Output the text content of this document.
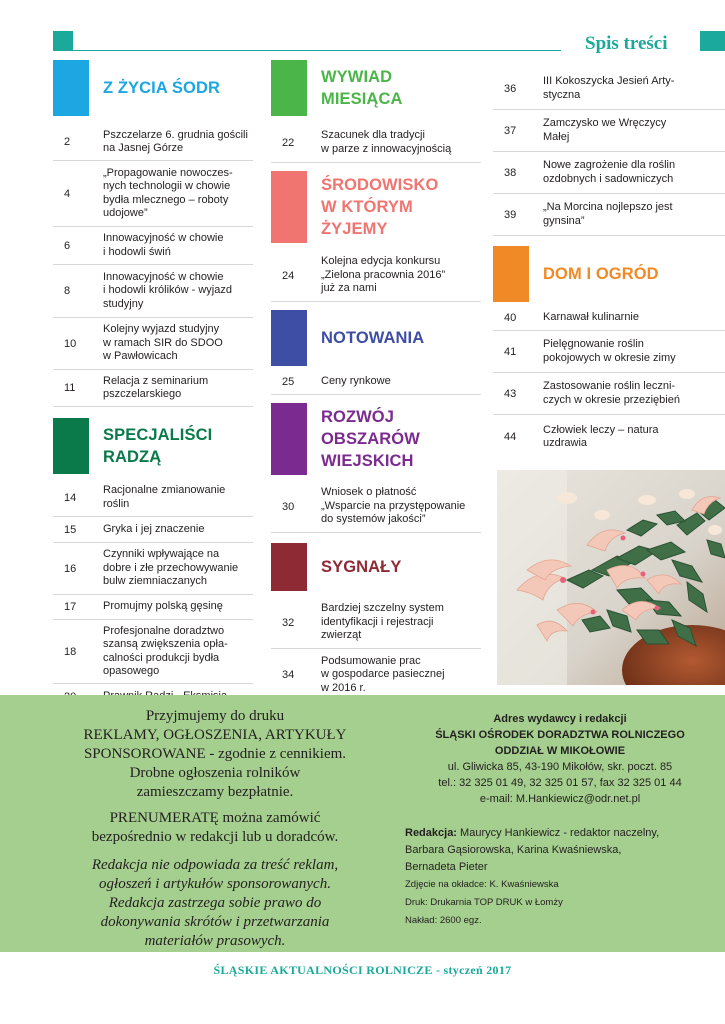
Spis treści
Z ŻYCIA ŚODR
2
Pszczelarze 6. grudnia gościli
na Jasnej Górze
4
„Propagowanie nowoczes-
nych technologii w chowie
bydła mlecznego – roboty
udojowe”
6
Innowacyjność w chowie
i hodowli świń
8
Innowacyjność w chowie
i hodowli królików - wyjazd
studyjny
10
Kolejny wyjazd studyjny
w ramach SIR do SDOO
w Pawłowicach
11
Relacja z seminarium
pszczelarskiego
SPECJALIŚCI
RADZĄ
14
Racjonalne zmianowanie
roślin
15	Gryka i jej znaczenie
16
Czynniki wpływające na
dobre i złe przechowywanie
bulw ziemniaczanych
17	Promujmy polską gęsinę
18
Profesjonalne doradztwo
szansą zwiększenia opła-
calności produkcji bydła
opasowego
WYWIAD
MIESIĄCA
22
Szacunek dla tradycji
w parze z innowacyjnością
ŚRODOWISKO
W KTÓRYM
ŻYJEMY
24
Kolejna edycja konkursu
„Zielona pracownia 2016”
już za nami
NOTOWANIA
25	Ceny rynkowe
ROZWÓJ
OBSZARÓW
WIEJSKICH
30
Wniosek o płatność
„Wsparcie na przystępowanie
do systemów jakości”
SYGNAŁY
32
Bardziej szczelny system
identyfikacji i rejestracji
zwierząt
34
Podsumowanie prac
w gospodarce pasiecznej
w 2016 r.
36
III Kokoszycka Jesień Arty-
styczna
37
Zamczysko we Wręczycy
Małej
38
Nowe zagrożenie dla roślin
ozdobnych i sadowniczych
39
„Na Morcina nojlepszo jest
gynsina”
DOM I OGRÓD
40	Karnawał kulinarnie
41
Pielęgnowanie roślin
pokojowych w okresie zimy
43
Zastosowanie roślin leczni-
czych w okresie przeziębień
44
Człowiek leczy – natura
uzdrawia
Przyjmujemy do druku
REKLAMY, OGŁOSZENIA, ARTYKUŁY
SPONSOROWANE - zgodnie z cennikiem.
Drobne ogłoszenia rolników
zamieszczamy bezpłatnie.
PRENUMERATĘ można zamówić
bezpośrednio w redakcji lub u doradców.
Redakcja nie odpowiada za treść reklam,
ogłoszeń i artykułów sponsorowanych.
Redakcja zastrzega sobie prawo do
dokonywania skrótów i przetwarzania
materiałów prasowych.
Adres wydawcy i redakcji
ŚLĄSKI OŚRODEK DORADZTWA ROLNICZEGO
ODDZIAŁ W MIKOŁOWIE
ul. Gliwicka 85, 43-190 Mikołów, skr. poczt. 85
tel.: 32 325 01 49, 32 325 01 57, fax 32 325 01 44
e-mail: M.Hankiewicz@odr.net.pl
Redakcja: Maurycy Hankiewicz - redaktor naczelny,
Barbara Gąsiorowska, Karina Kwaśniewska,
Bernadeta Pieter
Zdjęcie na okładce: K. Kwaśniewska
Druk: Drukarnia TOP DRUK w Łomży
Nakład: 2600 egz.
ŚLĄSKIE AKTUALNOŚCI ROLNICZE - styczeń 2017
